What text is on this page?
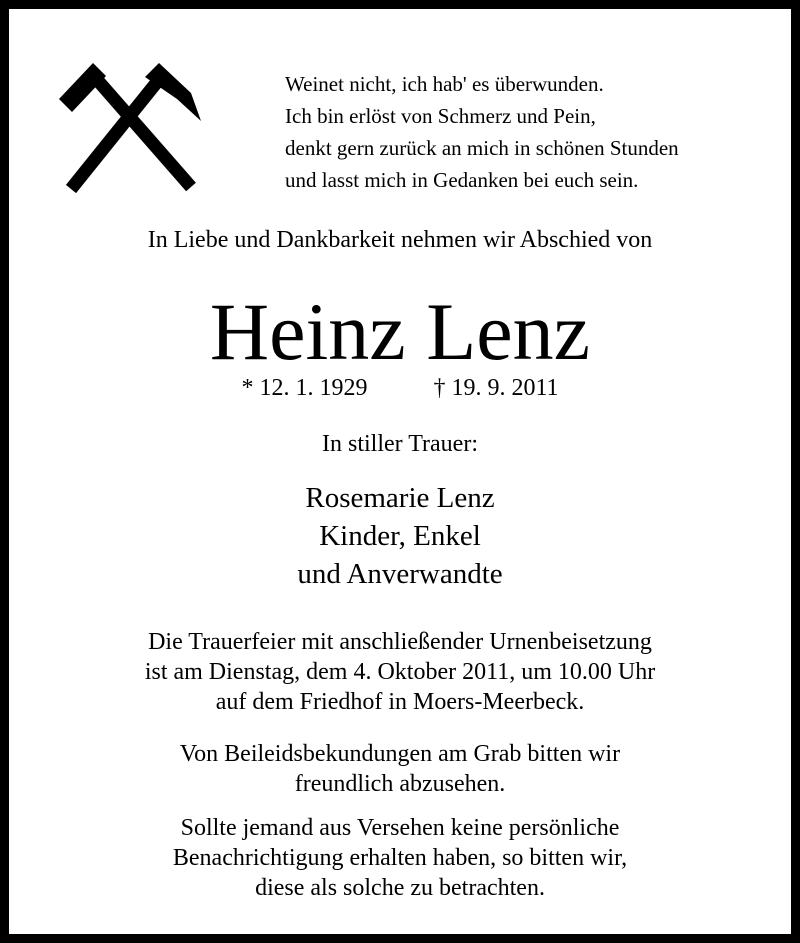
Weinet nicht, ich hab' es überwunden.
Ich bin erlöst von Schmerz und Pein,
denkt gern zurück an mich in schönen Stunden
und lasst mich in Gedanken bei euch sein.
In Liebe und Dankbarkeit nehmen wir Abschied von
Heinz Lenz
* 12. 1. 1929	† 19. 9. 2011
In stiller Trauer:
Rosemarie Lenz
Kinder, Enkel
und Anverwandte
Die Trauerfeier mit anschließender Urnenbeisetzung
ist am Dienstag, dem 4. Oktober 2011, um 10.00 Uhr
auf dem Friedhof in Moers-Meerbeck.
Von Beileidsbekundungen am Grab bitten wir
freundlich abzusehen.
Sollte jemand aus Versehen keine persönliche
Benachrichtigung erhalten haben, so bitten wir,
diese als solche zu betrachten.
